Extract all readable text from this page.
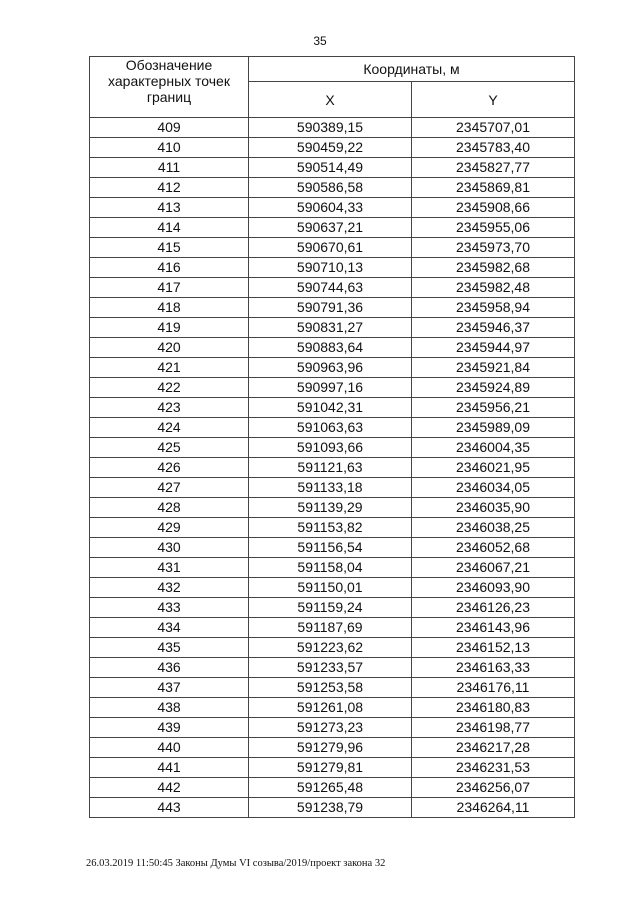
35
Обозначение характерных точек границ	Координаты, м	
	X	Y
409	590389,15	2345707,01
410	590459,22	2345783,40
411	590514,49	2345827,77
412	590586,58	2345869,81
413	590604,33	2345908,66
414	590637,21	2345955,06
415	590670,61	2345973,70
416	590710,13	2345982,68
417	590744,63	2345982,48
418	590791,36	2345958,94
419	590831,27	2345946,37
420	590883,64	2345944,97
421	590963,96	2345921,84
422	590997,16	2345924,89
423	591042,31	2345956,21
424	591063,63	2345989,09
425	591093,66	2346004,35
426	591121,63	2346021,95
427	591133,18	2346034,05
428	591139,29	2346035,90
429	591153,82	2346038,25
430	591156,54	2346052,68
431	591158,04	2346067,21
432	591150,01	2346093,90
433	591159,24	2346126,23
434	591187,69	2346143,96
435	591223,62	2346152,13
436	591233,57	2346163,33
437	591253,58	2346176,11
438	591261,08	2346180,83
439	591273,23	2346198,77
440	591279,96	2346217,28
441	591279,81	2346231,53
442	591265,48	2346256,07
443	591238,79	2346264,11
26.03.2019 11:50:45 Законы Думы VI созыва/2019/проект закона 32
